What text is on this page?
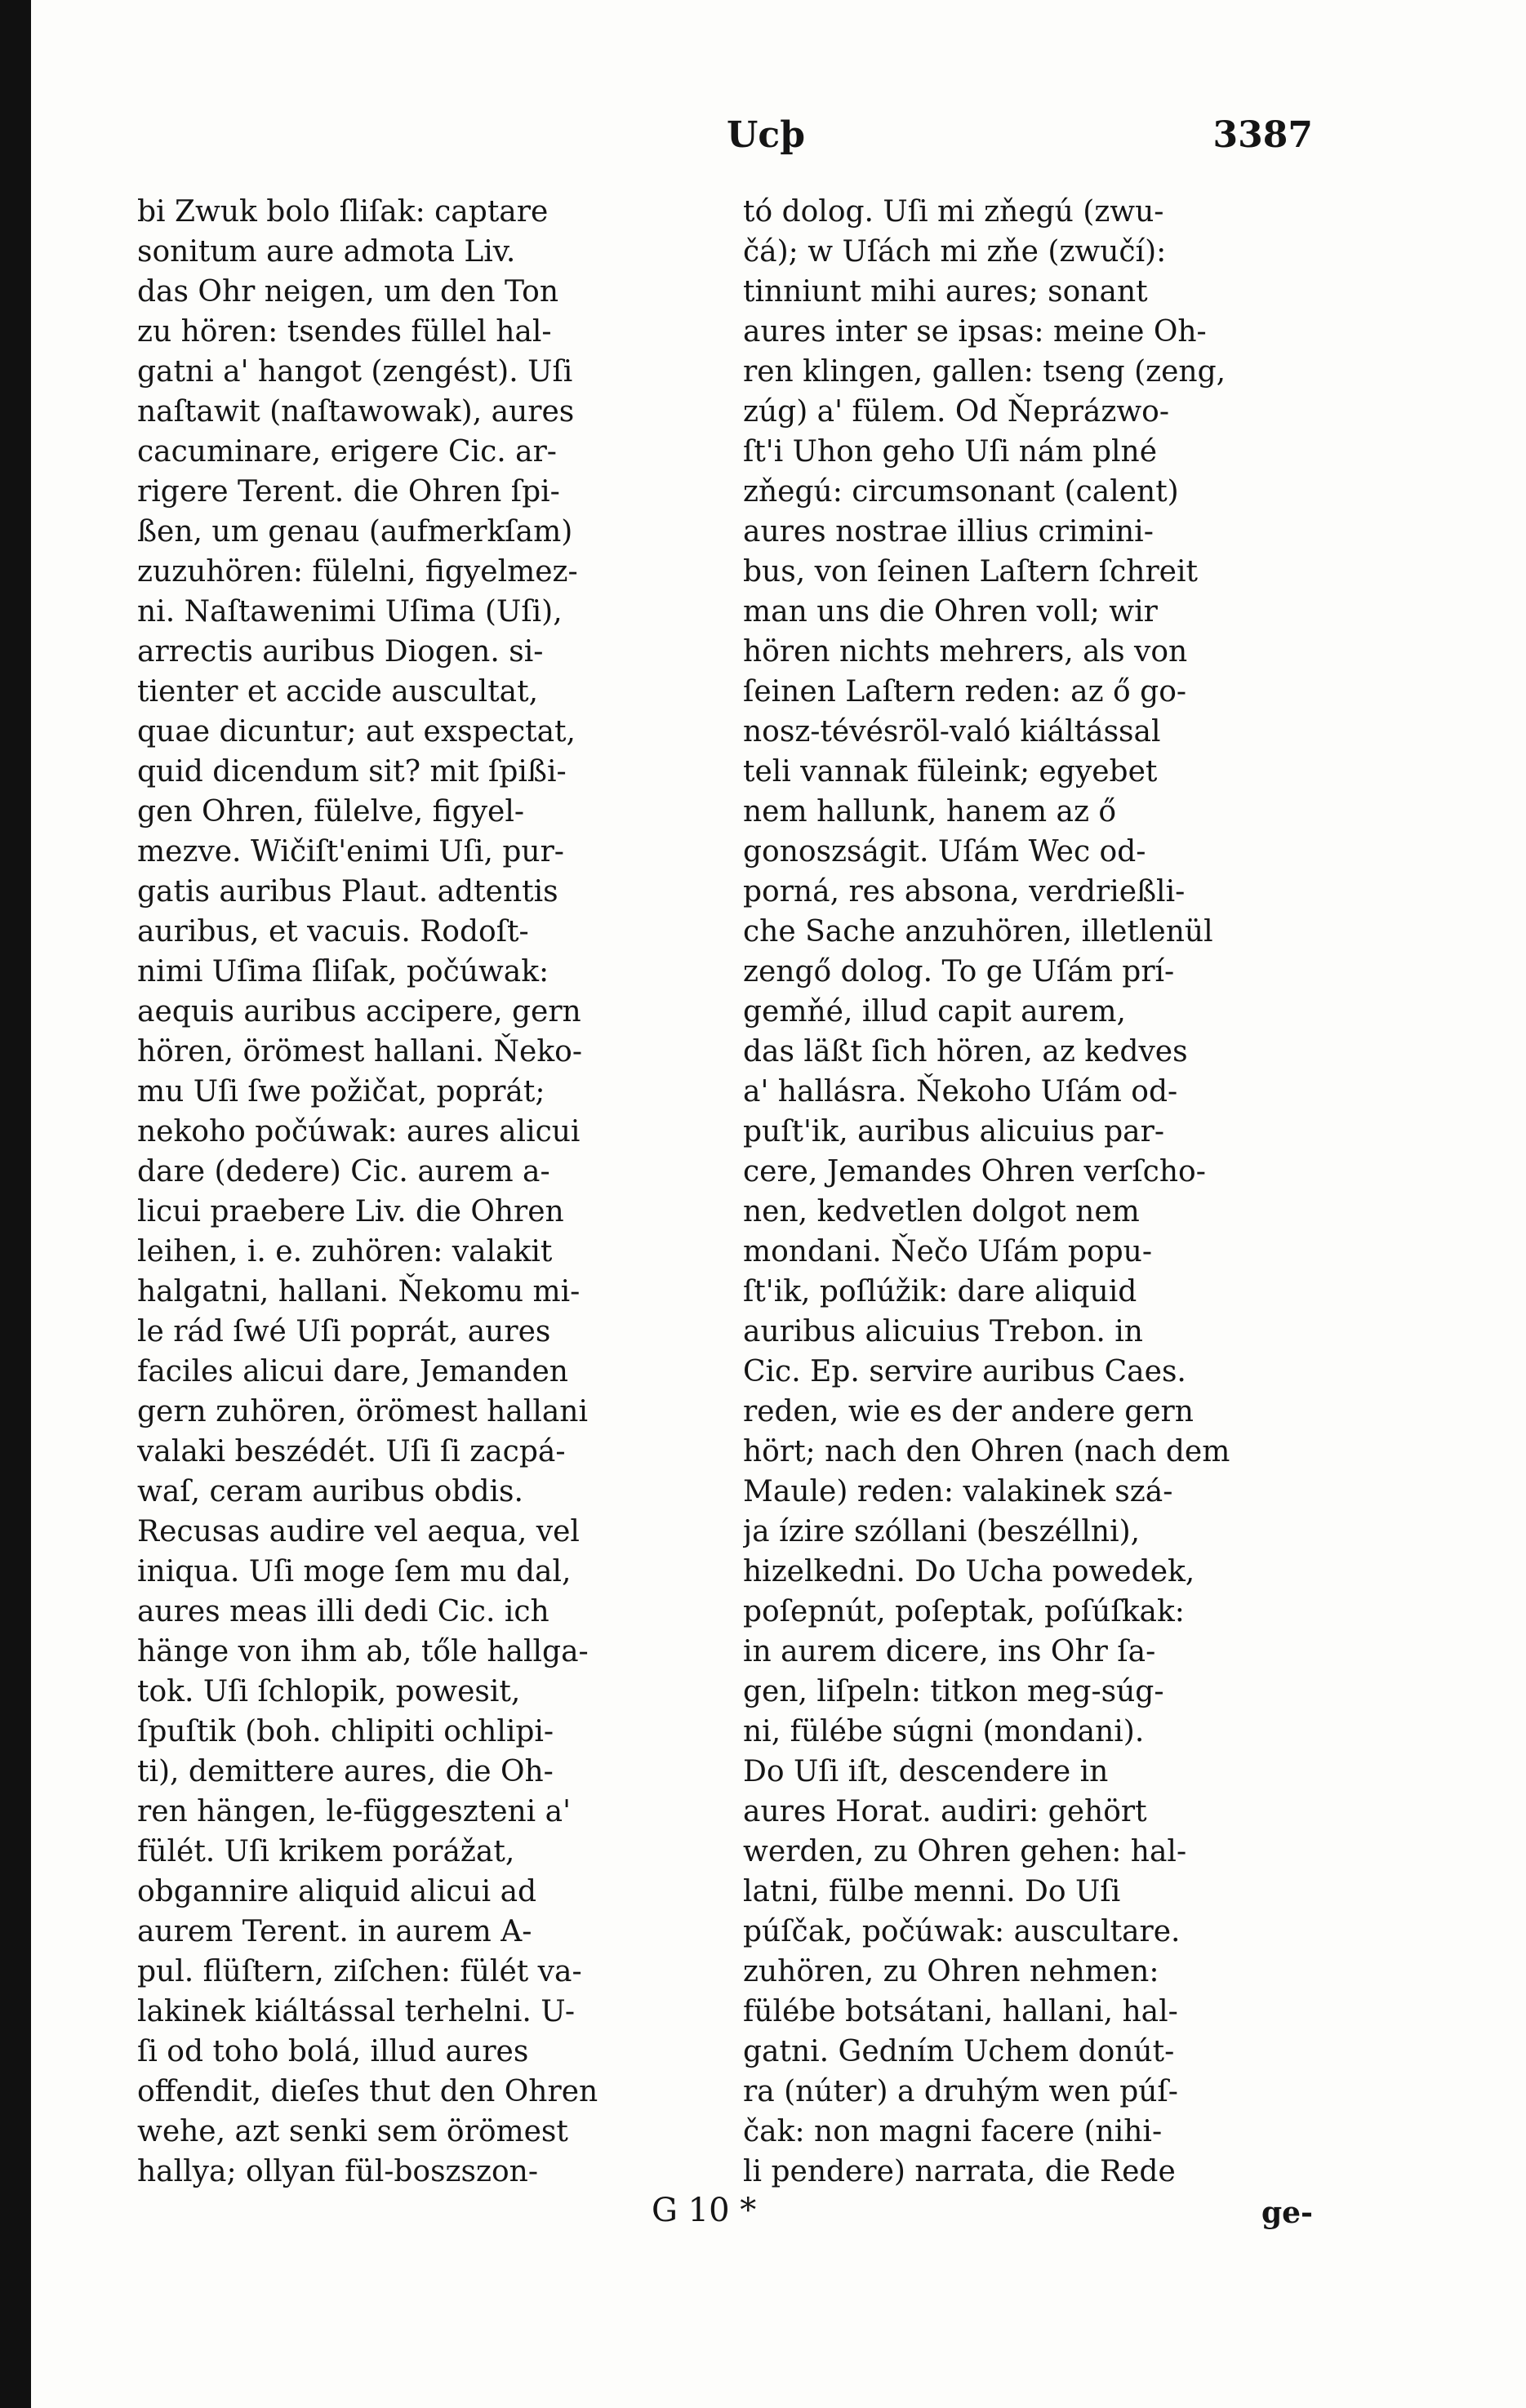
Ucþ	3387
bi Zwuk bolo ſliſak: captare
sonitum aure admota Liv.
das Ohr neigen, um den Ton
zu hören: tsendes füllel hal-
gatni a' hangot (zengést). Uſi
naſtawit (naſtawowak), aures
cacuminare, erigere Cic. ar-
rigere Terent. die Ohren ſpi-
ßen, um genau (aufmerkſam)
zuzuhören: fülelni, figyelmez-
ni. Naſtawenimi Uſima (Uſi),
arrectis auribus Diogen. si-
tienter et accide auscultat,
quae dicuntur; aut exspectat,
quid dicendum sit? mit ſpißi-
gen Ohren, fülelve, figyel-
mezve. Wičiſt'enimi Uſi, pur-
gatis auribus Plaut. adtentis
auribus, et vacuis. Rodoſt-
nimi Uſima ſliſak, počúwak:
aequis auribus accipere, gern
hören, örömest hallani. Ňeko-
mu Uſi ſwe požičat, poprát;
nekoho počúwak: aures alicui
dare (dedere) Cic. aurem a-
licui praebere Liv. die Ohren
leihen, i. e. zuhören: valakit
halgatni, hallani. Ňekomu mi-
le rád ſwé Uſi poprát, aures
faciles alicui dare, Jemanden
gern zuhören, örömest hallani
valaki beszédét. Uſi ſi zacpá-
waſ, ceram auribus obdis.
Recusas audire vel aequa, vel
iniqua. Uſi moge ſem mu dal,
aures meas illi dedi Cic. ich
hänge von ihm ab, tőle hallga-
tok. Uſi ſchlopik, powesit,
ſpuſtik (boh. chlipiti ochlipi-
ti), demittere aures, die Oh-
ren hängen, le-függeszteni a'
fülét. Uſi krikem porážat,
obgannire aliquid alicui ad
aurem Terent. in aurem A-
pul. flüſtern, ziſchen: fülét va-
lakinek kiáltással terhelni. U-
ſi od toho bolá, illud aures
offendit, dieſes thut den Ohren
wehe, azt senki sem örömest
hallya; ollyan fül-boszszon-
tó dolog. Uſi mi zňegú (zwu-
čá); w Uſách mi zňe (zwučí):
tinniunt mihi aures; sonant
aures inter se ipsas: meine Oh-
ren klingen, gallen: tseng (zeng,
zúg) a' fülem. Od Ňeprázwo-
ſt'i Uhon geho Uſi nám plné
zňegú: circumsonant (calent)
aures nostrae illius crimini-
bus, von ſeinen Laſtern ſchreit
man uns die Ohren voll; wir
hören nichts mehrers, als von
ſeinen Laſtern reden: az ő go-
nosz-tévésröl-való kiáltással
teli vannak füleink; egyebet
nem hallunk, hanem az ő
gonoszságit. Uſám Wec od-
porná, res absona, verdrießli-
che Sache anzuhören, illetlenül
zengő dolog. To ge Uſám prí-
gemňé, illud capit aurem,
das läßt ſich hören, az kedves
a' hallásra. Ňekoho Uſám od-
puſt'ik, auribus alicuius par-
cere, Jemandes Ohren verſcho-
nen, kedvetlen dolgot nem
mondani. Ňečo Uſám popu-
ſt'ik, poſlúžik: dare aliquid
auribus alicuius Trebon. in
Cic. Ep. servire auribus Caes.
reden, wie es der andere gern
hört; nach den Ohren (nach dem
Maule) reden: valakinek szá-
ja ízire szóllani (beszéllni),
hizelkedni. Do Ucha powedek,
poſepnút, poſeptak, poſúſkak:
in aurem dicere, ins Ohr ſa-
gen, liſpeln: titkon meg-súg-
ni, fülébe súgni (mondani).
Do Uſi iſt, descendere in
aures Horat. audiri: gehört
werden, zu Ohren gehen: hal-
latni, fülbe menni. Do Uſi
púſčak, počúwak: auscultare.
zuhören, zu Ohren nehmen:
fülébe botsátani, hallani, hal-
gatni. Gedním Uchem donút-
ra (núter) a druhým wen púſ-
čak: non magni facere (nihi-
li pendere) narrata, die Rede
G 10 *	ge-
